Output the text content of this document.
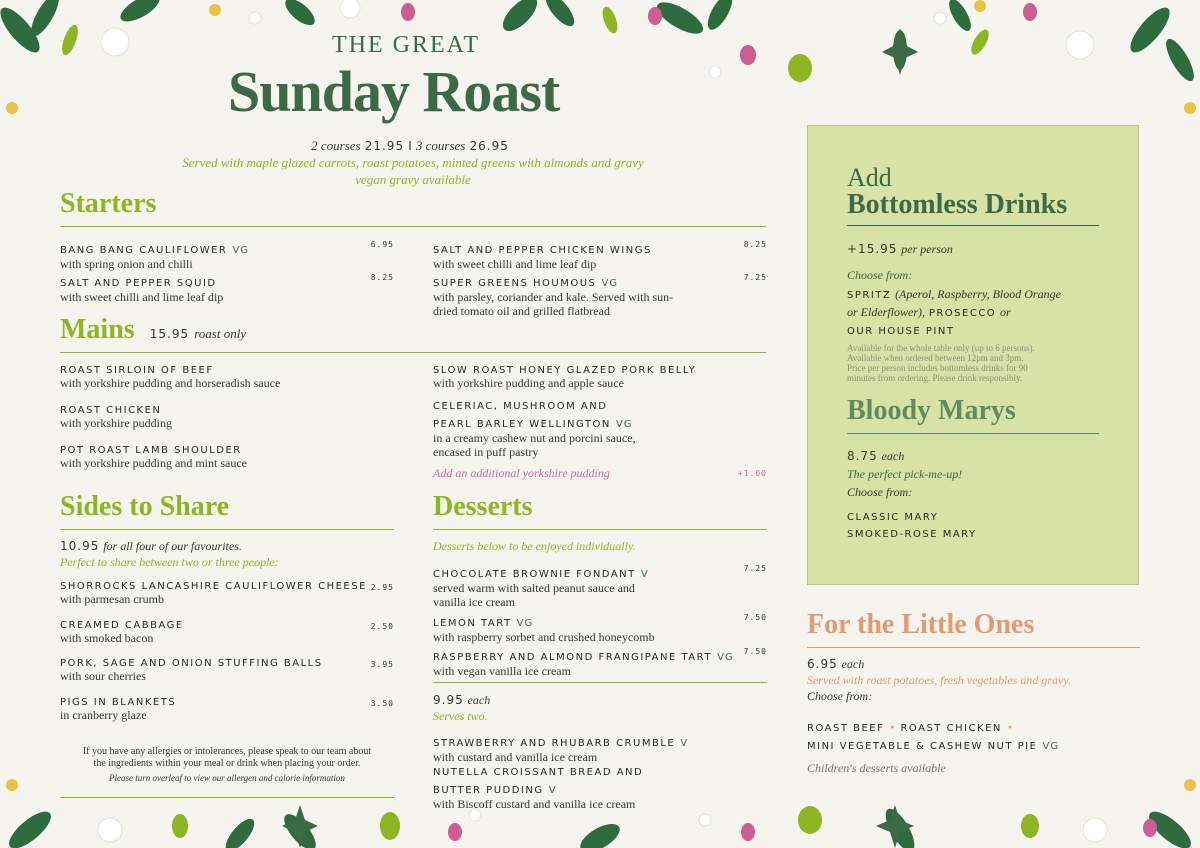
THE GREAT
Sunday Roast
2 courses 21.95 I 3 courses 26.95
Served with maple glazed carrots, roast potatoes, minted greens with almonds and gravy
vegan gravy available
Starters
BANG BANG CAULIFLOWER VG
with spring onion and chilli
6.95
SALT AND PEPPER SQUID
with sweet chilli and lime leaf dip
8.25
SALT AND PEPPER CHICKEN WINGS
with sweet chilli and lime leaf dip
8.25
SUPER GREENS HOUMOUS VG
with parsley, coriander and kale. Served with sun-dried tomato oil and grilled flatbread
7.25
Mains 15.95 roast only
ROAST SIRLOIN OF BEEF
with yorkshire pudding and horseradish sauce
ROAST CHICKEN
with yorkshire pudding
POT ROAST LAMB SHOULDER
with yorkshire pudding and mint sauce
SLOW ROAST HONEY GLAZED PORK BELLY
with yorkshire pudding and apple sauce
CELERIAC, MUSHROOM AND
PEARL BARLEY WELLINGTON VG
in a creamy cashew nut and porcini sauce,
encased in puff pastry
Add an additional yorkshire pudding	+1.00
Sides to Share
10.95 for all four of our favourites.
Perfect to share between two or three people:
SHORROCKS LANCASHIRE CAULIFLOWER CHEESE
with parmesan crumb
2.95
CREAMED CABBAGE
with smoked bacon
2.50
PORK, SAGE AND ONION STUFFING BALLS
with sour cherries
3.95
PIGS IN BLANKETS
in cranberry glaze
3.50
If you have any allergies or intolerances, please speak to our team about
the ingredients within your meal or drink when placing your order.
Please turn overleaf to view our allergen and calorie information
Desserts
Desserts below to be enjoyed individually.
CHOCOLATE BROWNIE FONDANT V
served warm with salted peanut sauce and
vanilla ice cream
7.25
LEMON TART VG
with raspberry sorbet and crushed honeycomb
7.50
RASPBERRY AND ALMOND FRANGIPANE TART VG
with vegan vanilla ice cream
7.50
9.95 each
Serves two.
STRAWBERRY AND RHUBARB CRUMBLE V
with custard and vanilla ice cream
NUTELLA CROISSANT BREAD AND
BUTTER PUDDING V
with Biscoff custard and vanilla ice cream
Add
Bottomless Drinks
+15.95 per person
Choose from:
SPRITZ (Aperol, Raspberry, Blood Orange
or Elderflower), PROSECCO or
OUR HOUSE PINT
Available for the whole table only (up to 6 persons).
Available when ordered between 12pm and 3pm.
Price per person includes bottomless drinks for 90
minutes from ordering. Please drink responsibly.
Bloody Marys
8.75 each
The perfect pick-me-up!
Choose from:
CLASSIC MARY
SMOKED-ROSE MARY
For the Little Ones
6.95 each
Served with roast potatoes, fresh vegetables and gravy.
Choose from:
ROAST BEEF • ROAST CHICKEN •
MINI VEGETABLE & CASHEW NUT PIE VG
Children's desserts available
